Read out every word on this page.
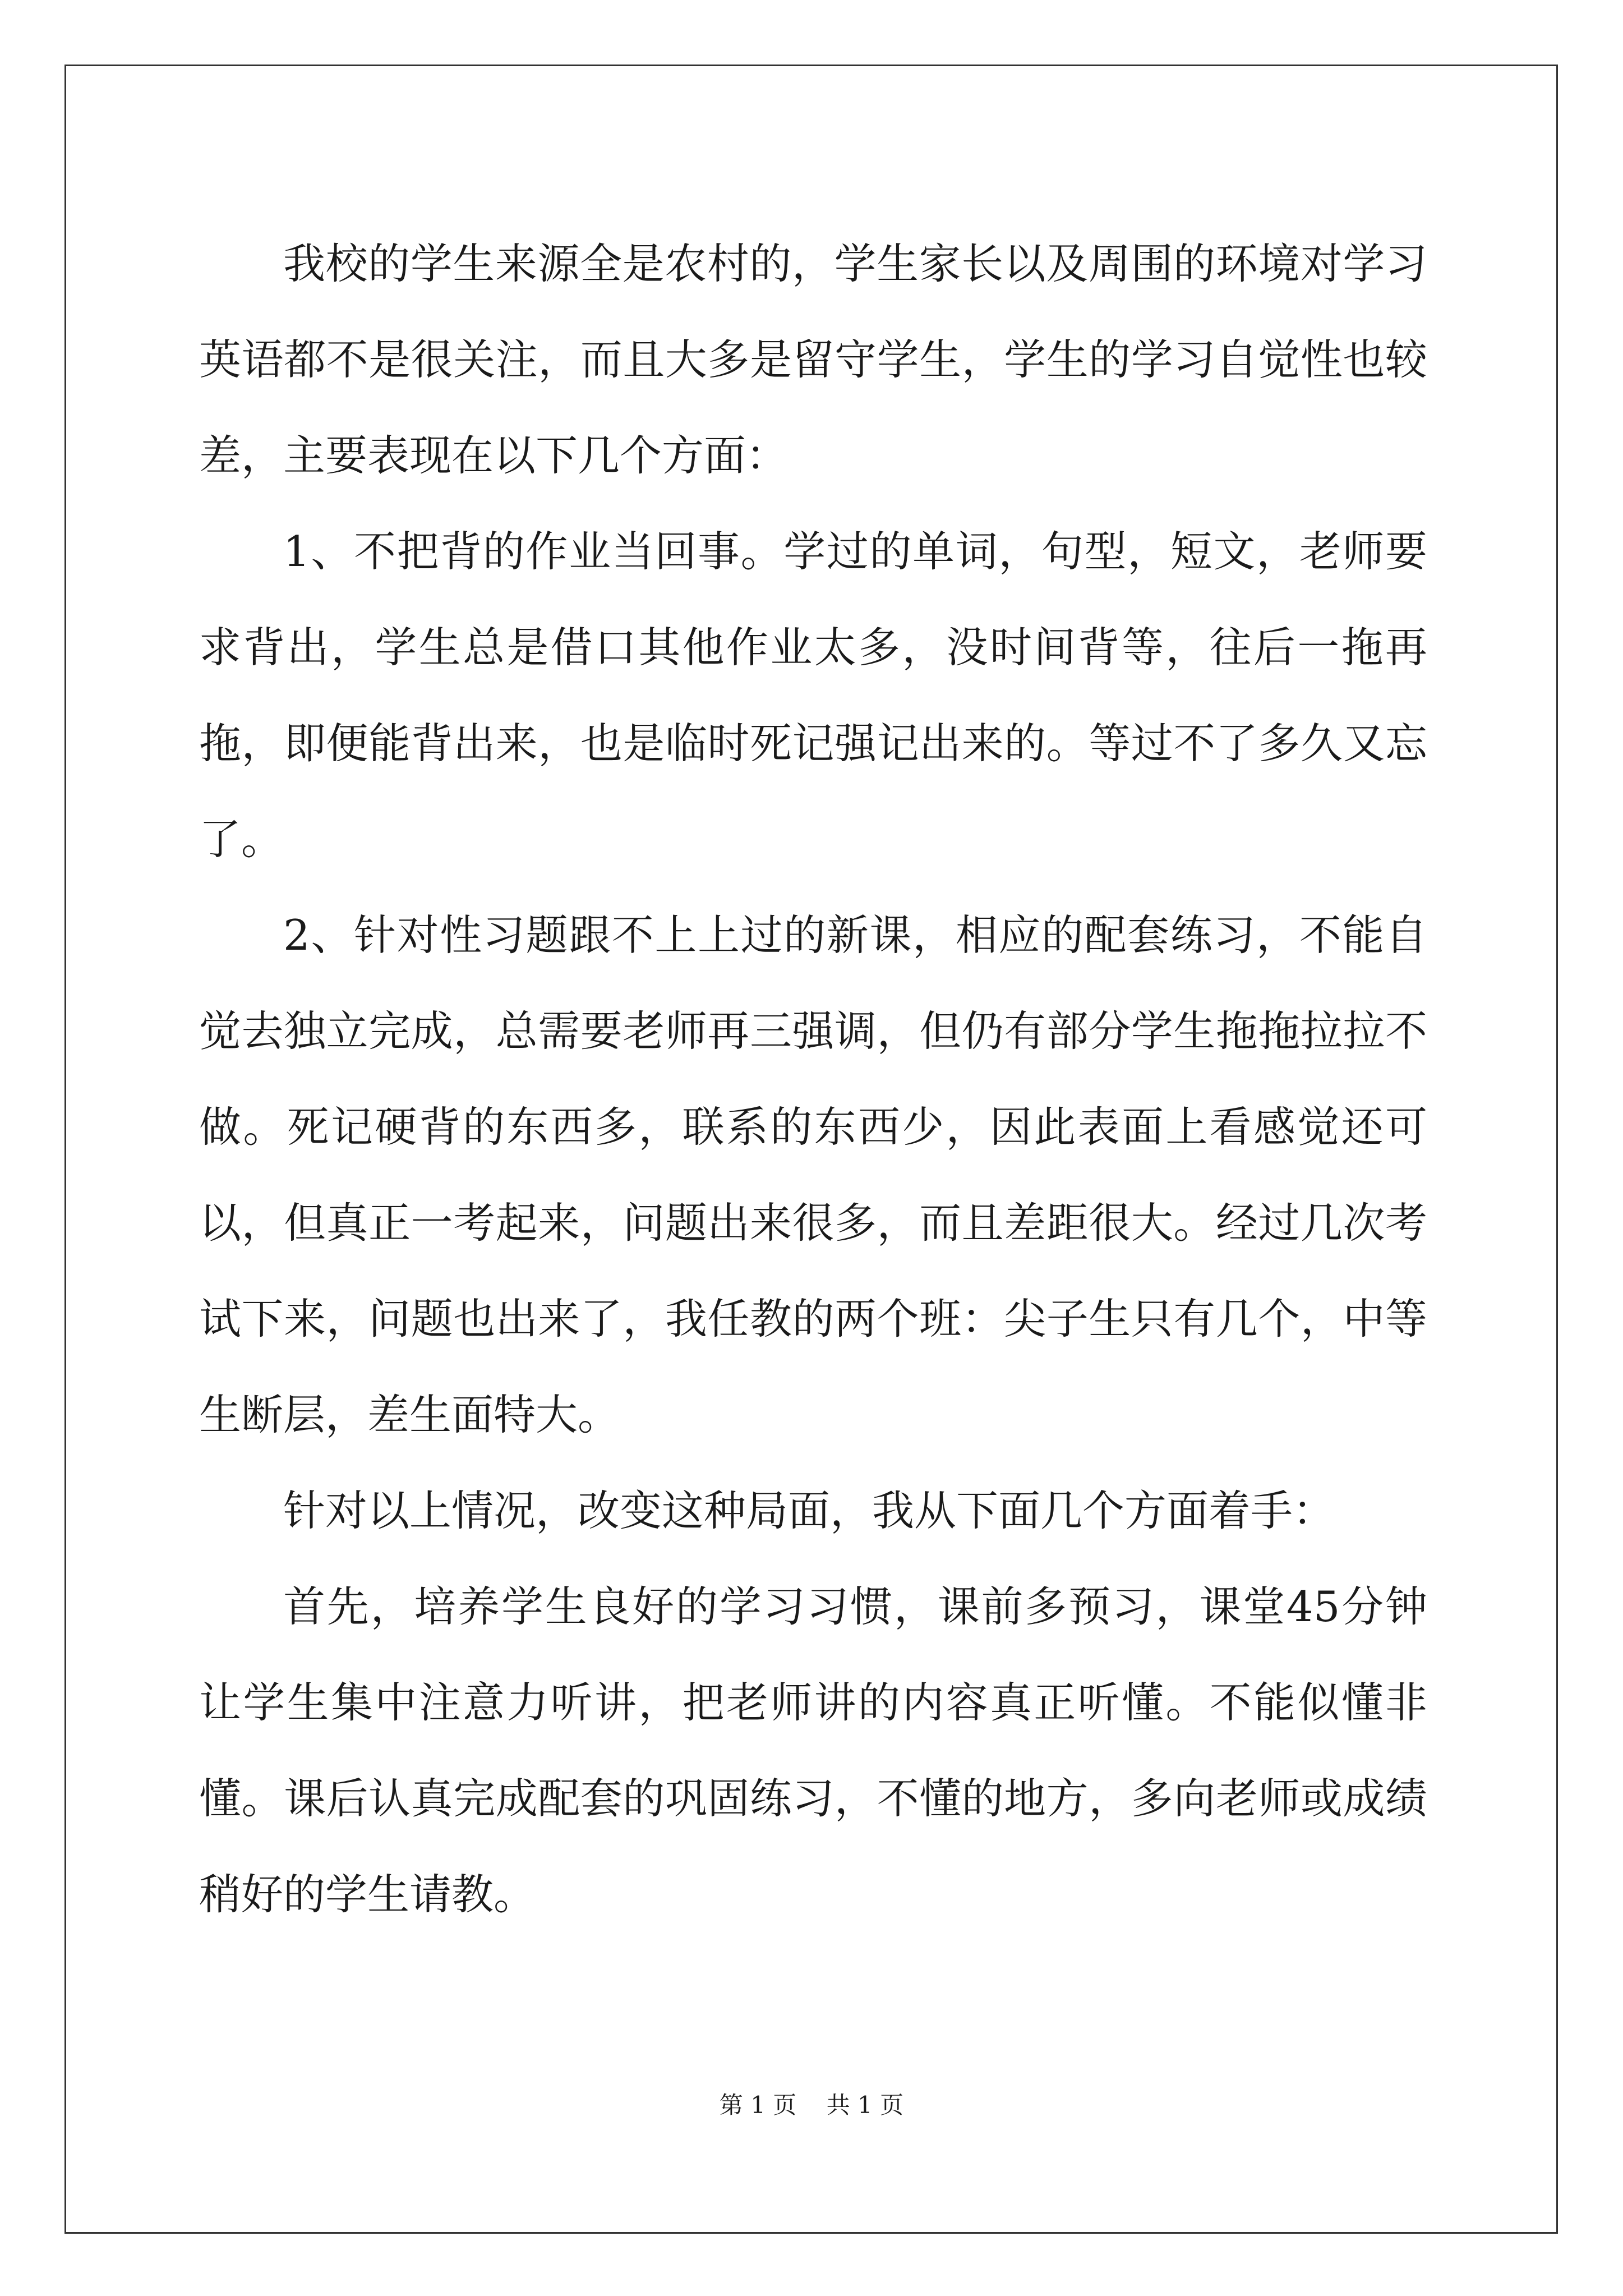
我校的学生来源全是农村的，学生家长以及周围的环境对学习英语都不是很关注，而且大多是留守学生，学生的学习自觉性也较差，主要表现在以下几个方面：

1、不把背的作业当回事。学过的单词，句型，短文，老师要求背出，学生总是借口其他作业太多，没时间背等，往后一拖再拖，即便能背出来，也是临时死记强记出来的。等过不了多久又忘了。

2、针对性习题跟不上上过的新课，相应的配套练习，不能自觉去独立完成，总需要老师再三强调，但仍有部分学生拖拖拉拉不做。死记硬背的东西多，联系的东西少，因此表面上看感觉还可以，但真正一考起来，问题出来很多，而且差距很大。经过几次考试下来，问题也出来了，我任教的两个班：尖子生只有几个，中等生断层，差生面特大。

针对以上情况，改变这种局面，我从下面几个方面着手：

首先，培养学生良好的学习习惯，课前多预习，课堂45分钟让学生集中注意力听讲，把老师讲的内容真正听懂。不能似懂非懂。课后认真完成配套的巩固练习，不懂的地方，多向老师或成绩稍好的学生请教。

第 1 页    共 1 页
